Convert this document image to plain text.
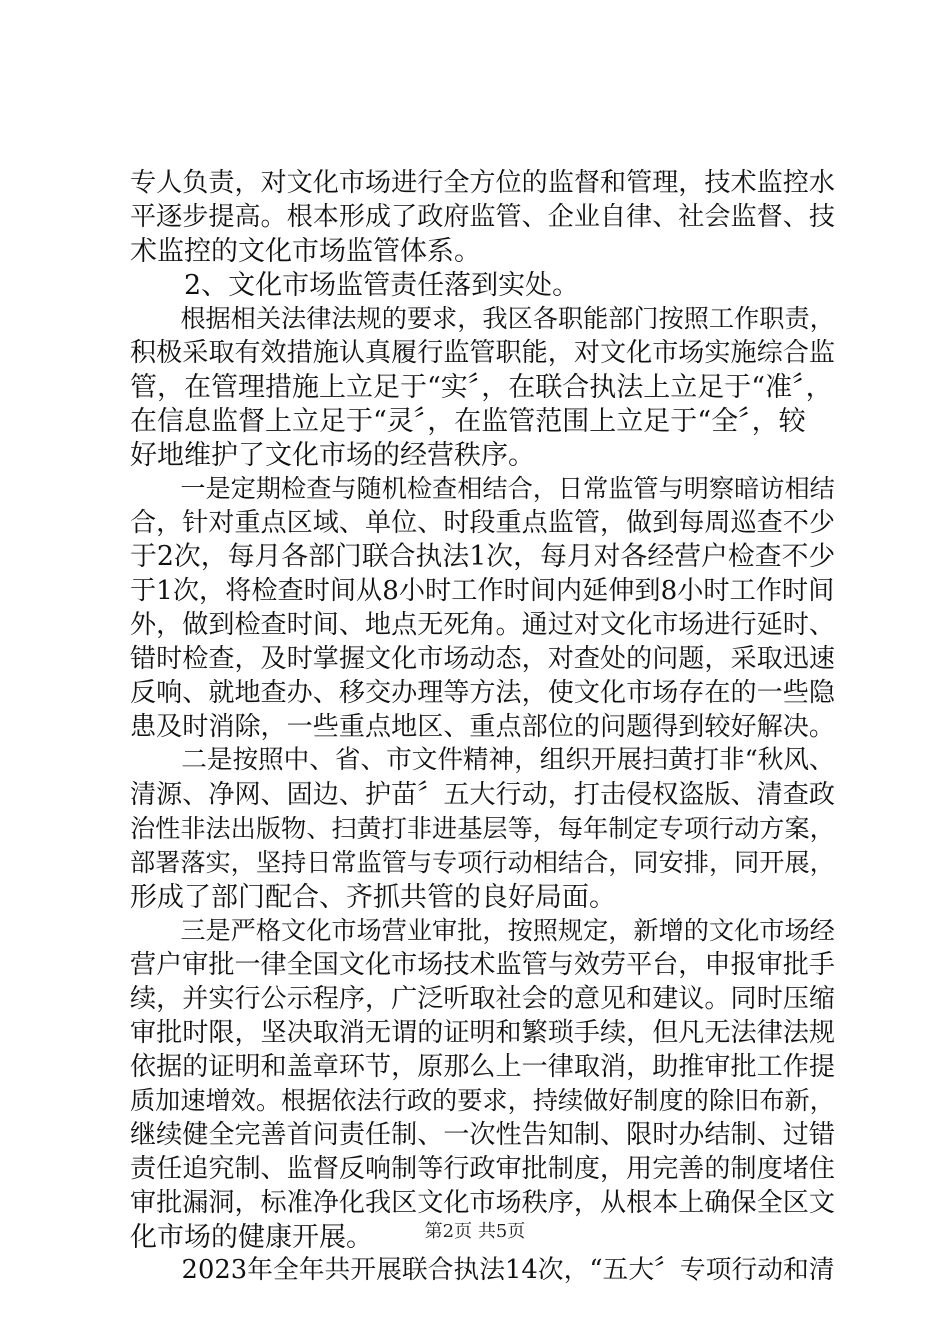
专人负责，对文化市场进行全方位的监督和管理，技术监控水
平逐步提高。根本形成了政府监管、企业自律、社会监督、技
术监控的文化市场监管体系。
　　2、文化市场监管责任落到实处。
　　根据相关法律法规的要求，我区各职能部门按照工作职责，
积极采取有效措施认真履行监管职能，对文化市场实施综合监
管，在管理措施上立足于“实〞，在联合执法上立足于“准〞，
在信息监督上立足于“灵〞，在监管范围上立足于“全〞，较
好地维护了文化市场的经营秩序。
　　一是定期检查与随机检查相结合，日常监管与明察暗访相结
合，针对重点区域、单位、时段重点监管，做到每周巡查不少
于2次，每月各部门联合执法1次，每月对各经营户检查不少
于1次，将检查时间从8小时工作时间内延伸到8小时工作时间
外，做到检查时间、地点无死角。通过对文化市场进行延时、
错时检查，及时掌握文化市场动态，对查处的问题，采取迅速
反响、就地查办、移交办理等方法，使文化市场存在的一些隐
患及时消除，一些重点地区、重点部位的问题得到较好解决。
　　二是按照中、省、市文件精神，组织开展扫黄打非“秋风、
清源、净网、固边、护苗〞五大行动，打击侵权盗版、清查政
治性非法出版物、扫黄打非进基层等，每年制定专项行动方案，
部署落实，坚持日常监管与专项行动相结合，同安排，同开展，
形成了部门配合、齐抓共管的良好局面。
　　三是严格文化市场营业审批，按照规定，新增的文化市场经
营户审批一律全国文化市场技术监管与效劳平台，申报审批手
续，并实行公示程序，广泛听取社会的意见和建议。同时压缩
审批时限，坚决取消无谓的证明和繁琐手续，但凡无法律法规
依据的证明和盖章环节，原那么上一律取消，助推审批工作提
质加速增效。根据依法行政的要求，持续做好制度的除旧布新，
继续健全完善首问责任制、一次性告知制、限时办结制、过错
责任追究制、监督反响制等行政审批制度，用完善的制度堵住
审批漏洞，标准净化我区文化市场秩序，从根本上确保全区文
化市场的健康开展。
　　2023年全年共开展联合执法14次，“五大〞专项行动和清
第2页 共5页
